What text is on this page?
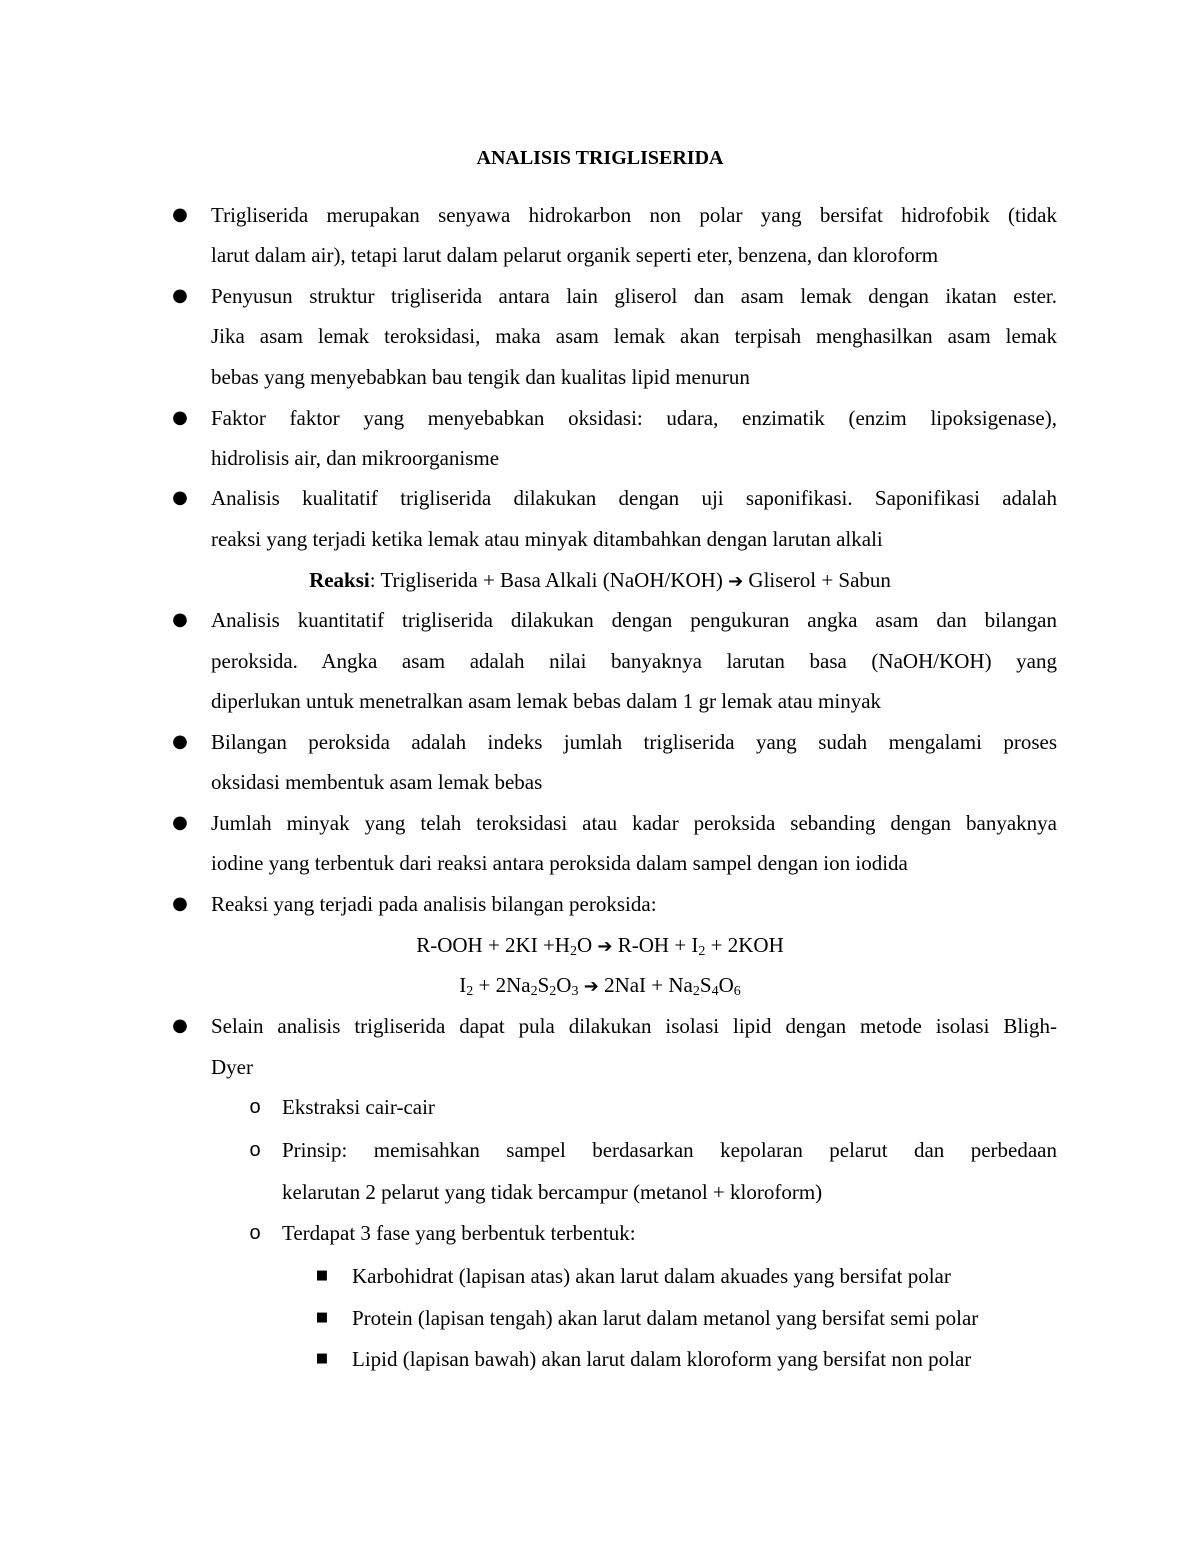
ANALISIS TRIGLISERIDA
● Trigliserida merupakan senyawa hidrokarbon non polar yang bersifat hidrofobik (tidak
larut dalam air), tetapi larut dalam pelarut organik seperti eter, benzena, dan kloroform
● Penyusun struktur trigliserida antara lain gliserol dan asam lemak dengan ikatan ester.
Jika asam lemak teroksidasi, maka asam lemak akan terpisah menghasilkan asam lemak
bebas yang menyebabkan bau tengik dan kualitas lipid menurun
● Faktor faktor yang menyebabkan oksidasi: udara, enzimatik (enzim lipoksigenase),
hidrolisis air, dan mikroorganisme
● Analisis kualitatif trigliserida dilakukan dengan uji saponifikasi. Saponifikasi adalah
reaksi yang terjadi ketika lemak atau minyak ditambahkan dengan larutan alkali
Reaksi: Trigliserida + Basa Alkali (NaOH/KOH) ➔ Gliserol + Sabun
● Analisis kuantitatif trigliserida dilakukan dengan pengukuran angka asam dan bilangan
peroksida. Angka asam adalah nilai banyaknya larutan basa (NaOH/KOH) yang
diperlukan untuk menetralkan asam lemak bebas dalam 1 gr lemak atau minyak
● Bilangan peroksida adalah indeks jumlah trigliserida yang sudah mengalami proses
oksidasi membentuk asam lemak bebas
● Jumlah minyak yang telah teroksidasi atau kadar peroksida sebanding dengan banyaknya
iodine yang terbentuk dari reaksi antara peroksida dalam sampel dengan ion iodida
● Reaksi yang terjadi pada analisis bilangan peroksida:
$R-OOH + 2KI +H_2O$ ➔ $R-OH + I_2 + 2KOH$
$I_2 + 2Na_2S_2O_3$ ➔ $2NaI + Na_2S_4O_6$
● Selain analisis trigliserida dapat pula dilakukan isolasi lipid dengan metode isolasi Bligh-
Dyer
o Ekstraksi cair-cair
o Prinsip: memisahkan sampel berdasarkan kepolaran pelarut dan perbedaan
kelarutan 2 pelarut yang tidak bercampur (metanol + kloroform)
o Terdapat 3 fase yang berbentuk terbentuk:
■ Karbohidrat (lapisan atas) akan larut dalam akuades yang bersifat polar
■ Protein (lapisan tengah) akan larut dalam metanol yang bersifat semi polar
■ Lipid (lapisan bawah) akan larut dalam kloroform yang bersifat non polar
